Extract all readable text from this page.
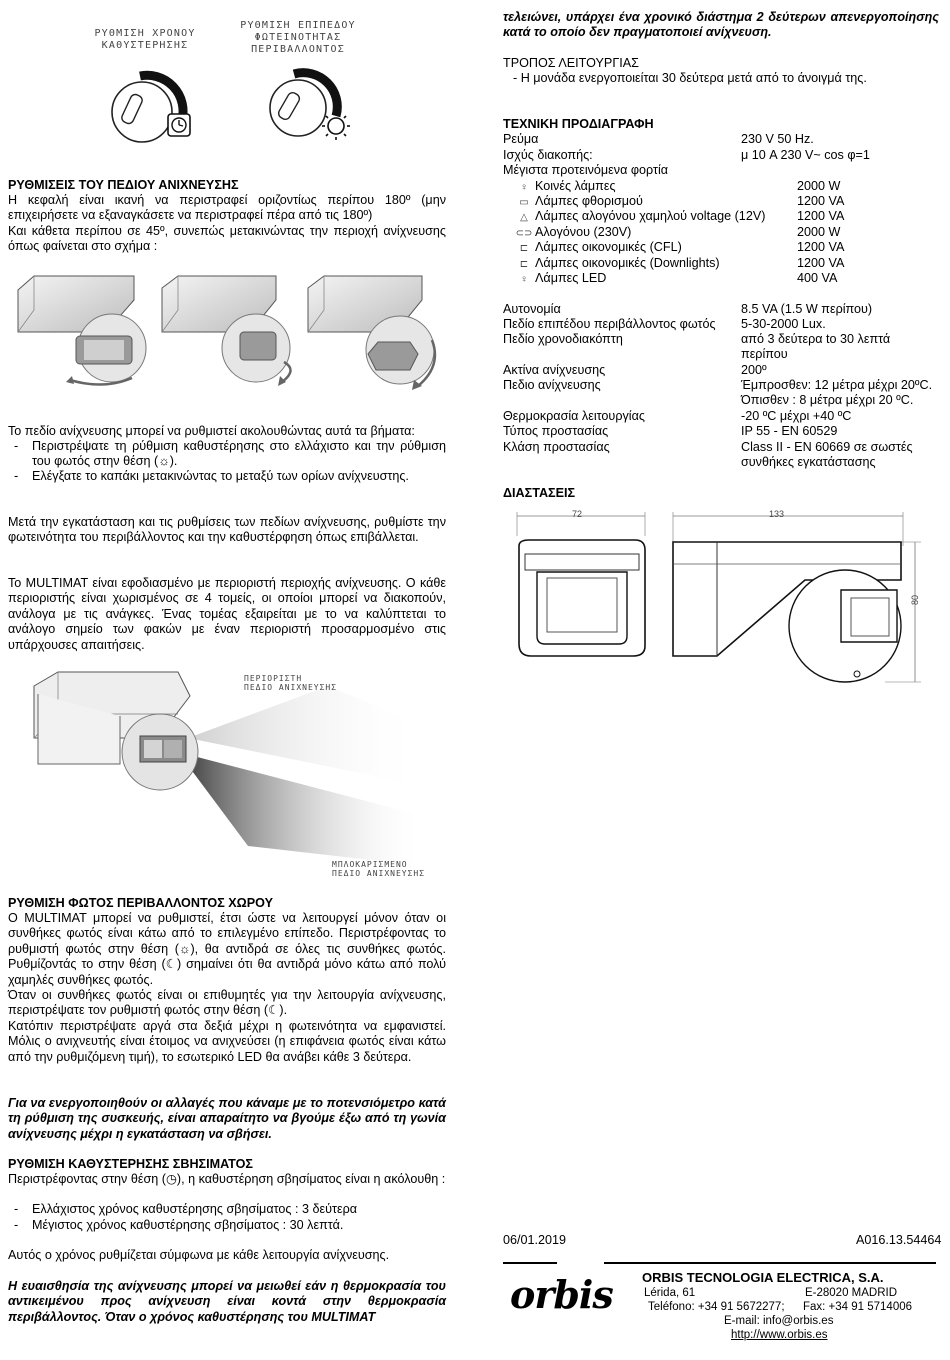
ΡΥΘΜΙΣΗ ΧΡΟΝΟΥ
ΚΑΘΥΣΤΕΡΗΣΗΣ
ΡΥΘΜΙΣΗ ΕΠΙΠΕΔΟΥ
ΦΩΤΕΙΝΟΤΗΤΑΣ
ΠΕΡΙΒΑΛΛΟΝΤΟΣ
ΡΥΘΜΙΣΕΙΣ ΤΟΥ ΠΕΔΙΟΥ ΑΝΙΧΝΕΥΣΗΣ
Η κεφαλή είναι ικανή να περιστραφεί οριζοντίως περίπου 180º (μην επιχειρήσετε να εξαναγκάσετε να περιστραφεί πέρα από τις 180º)
Και κάθετα περίπου σε 45º, συνεπώς μετακινώντας την περιοχή ανίχνευσης όπως φαίνεται στο σχήμα :
Το πεδίο ανίχνευσης μπορεί να ρυθμιστεί ακολουθώντας αυτά τα βήματα:
- Περιστρέψατε τη ρύθμιση καθυστέρησης στο ελλάχιστο και την ρύθμιση του φωτός στην θέση (☼).
- Ελέγξατε το καπάκι μετακινώντας το μεταξύ των ορίων ανίχνευστης.
Μετά την εγκατάσταση και τις ρυθμίσεις των πεδίων ανίχνευσης, ρυθμίστε την φωτεινότητα του περιβάλλοντος και την καθυστέρφηση όπως επιβάλλεται.
Το MULTIMAT είναι εφοδιασμένο με περιοριστή περιοχής ανίχνευσης. Ο κάθε περιοριστής είναι χωρισμένος σε 4 τομείς, οι οποίοι μπορεί να διακοπούν, ανάλογα με τις ανάγκες. Ένας τομέας εξαιρείται με το να καλύπτεται το ανάλογο σημείο των φακών με έναν περιοριστή προσαρμοσμένο στις υπάρχουσες απαιτήσεις.
ΠΕΡΙΟΡΙΣΤΗ
ΠΕΔΙΟ ΑΝΙΧΝΕΥΣΗΣ
ΜΠΛΟΚΑΡΙΣΜΕΝΟ
ΠΕΔΙΟ ΑΝΙΧΝΕΥΣΗΣ
ΡΥΘΜΙΣΗ ΦΩΤΟΣ ΠΕΡΙΒΑΛΛΟΝΤΟΣ ΧΩΡΟΥ
Ο MULTIMAT μπορεί να ρυθμιστεί, έτσι ώστε να λειτουργεί μόνον όταν οι συνθήκες φωτός είναι κάτω από το επιλεγμένο επίπεδο. Περιστρέφοντας το ρυθμιστή φωτός στην θέση (☼), θα αντιδρά σε όλες τις συνθήκες φωτός. Ρυθμίζοντάς το στην θέση (☾) σημαίνει ότι θα αντιδρά μόνο κάτω από πολύ χαμηλές συνθήκες φωτός.
Όταν οι συνθήκες φωτός είναι οι επιθυμητές για την λειτουργία ανίχνευσης, περιστρέψατε τον ρυθμιστή φωτός στην θέση (☾).
Κατόπιν περιστρέψατε αργά στα δεξιά μέχρι η φωτεινότητα να εμφανιστεί. Μόλις ο ανιχνευτής είναι έτοιμος να ανιχνεύσει (η επιφάνεια φωτός είναι κάτω από την ρυθμιζόμενη τιμή), το εσωτερικό LED θα ανάβει κάθε 3 δεύτερα.
Για να ενεργοποιηθούν οι αλλαγές που κάναμε με το ποτενσιόμετρο κατά τη ρύθμιση της συσκευής, είναι απαραίτητο να βγούμε έξω από τη γωνία ανίχνευσης μέχρι η εγκατάσταση να σβήσει.
ΡΥΘΜΙΣΗ ΚΑΘΥΣΤΕΡΗΣΗΣ ΣΒΗΣΙΜΑΤΟΣ
Περιστρέφοντας στην θέση (◷), η καθυστέρηση σβησίματος είναι η ακόλουθη :
- Ελλάχιστος χρόνος καθυστέρησης σβησίματος : 3 δεύτερα
- Μέγιστος χρόνος καθυστέρησης σβησίματος : 30 λεπτά.
Αυτός ο χρόνος ρυθμίζεται σύμφωνα με κάθε λειτουργία ανίχνευσης.
Η ευαισθησία της ανίχνευσης μπορεί να μειωθεί εάν η θερμοκρασία του αντικειμένου προς ανίχνευση είναι κοντά στην θερμοκρασία περιβάλλοντος. Όταν ο χρόνος καθυστέρησης του MULTIMAT
τελειώνει, υπάρχει ένα χρονικό διάστημα 2 δεύτερων απενεργοποίησης κατά το οποίο δεν πραγματοποιεί ανίχνευση.
ΤΡΟΠΟΣ ΛΕΙΤΟΥΡΓΙΑΣ
- Η μονάδα ενεργοποιείται 30 δεύτερα μετά από το άνοιγμά της.
ΤΕΧΝΙΚΗ ΠΡΟΔΙΑΓΡΑΦΗ
Ρεύμα	230 V 50 Hz.
Ισχύς διακοπής:	μ 10 A 230 V~ cos φ=1
Μέγιστα προτεινόμενα φορτία
♀ Κοινές λάμπες	2000 W
▭ Λάμπες φθορισμού	1200 VA
△ Λάμπες αλογόνου χαμηλού voltage (12V)	1200 VA
⊂⊃ Αλογόνου (230V)	2000 W
⊏ Λάμπες οικονομικές (CFL)	1200 VA
⊏ Λάμπες οικονομικές (Downlights)	1200 VA
♀ Λάμπες LED	400 VA
Αυτονομία	8.5 VA (1.5 W περίπου)
Πεδίο επιπέδου περιβάλλοντος φωτός 5-30-2000 Lux.
Πεδίο χρονοδιακόπτη	από 3 δεύτερα to 30 λεπτά
περίπου
Ακτίνα ανίχνευσης	200º
Πεδιο ανίχνευσης	Έμπροσθεν: 12 μέτρα μέχρι 20ºC.
Όπισθεν : 8 μέτρα μέχρι 20 ºC.
Θερμοκρασία λειτουργίας	-20 ºC μέχρι +40 ºC
Τύπος προστασίας	IP 55 - EN 60529
Κλάση προστασίας	Class II - EN 60669 σε σωστές
συνθήκες εγκατάστασης
ΔΙΑΣΤΑΣΕΙΣ
72	133
80
06/01.2019	A016.13.54464
orbis ORBIS TECNOLOGIA ELECTRICA, S.A.
Lérida, 61	E-28020 MADRID
Teléfono: +34 91 5672277; Fax: +34 91 5714006
E-mail: info@orbis.es
http://www.orbis.es
